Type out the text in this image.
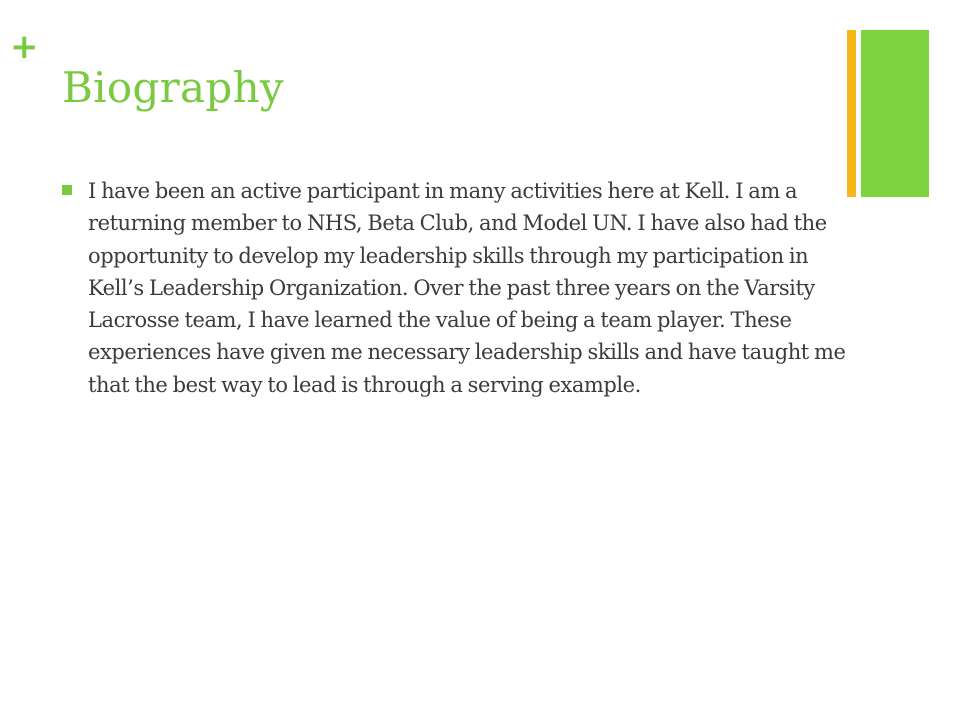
+
Biography
I have been an active participant in many activities here at Kell. I am a returning member to NHS, Beta Club, and Model UN. I have also had the opportunity to develop my leadership skills through my participation in Kell’s Leadership Organization. Over the past three years on the Varsity Lacrosse team, I have learned the value of being a team player. These experiences have given me necessary leadership skills and have taught me that the best way to lead is through a serving example.
